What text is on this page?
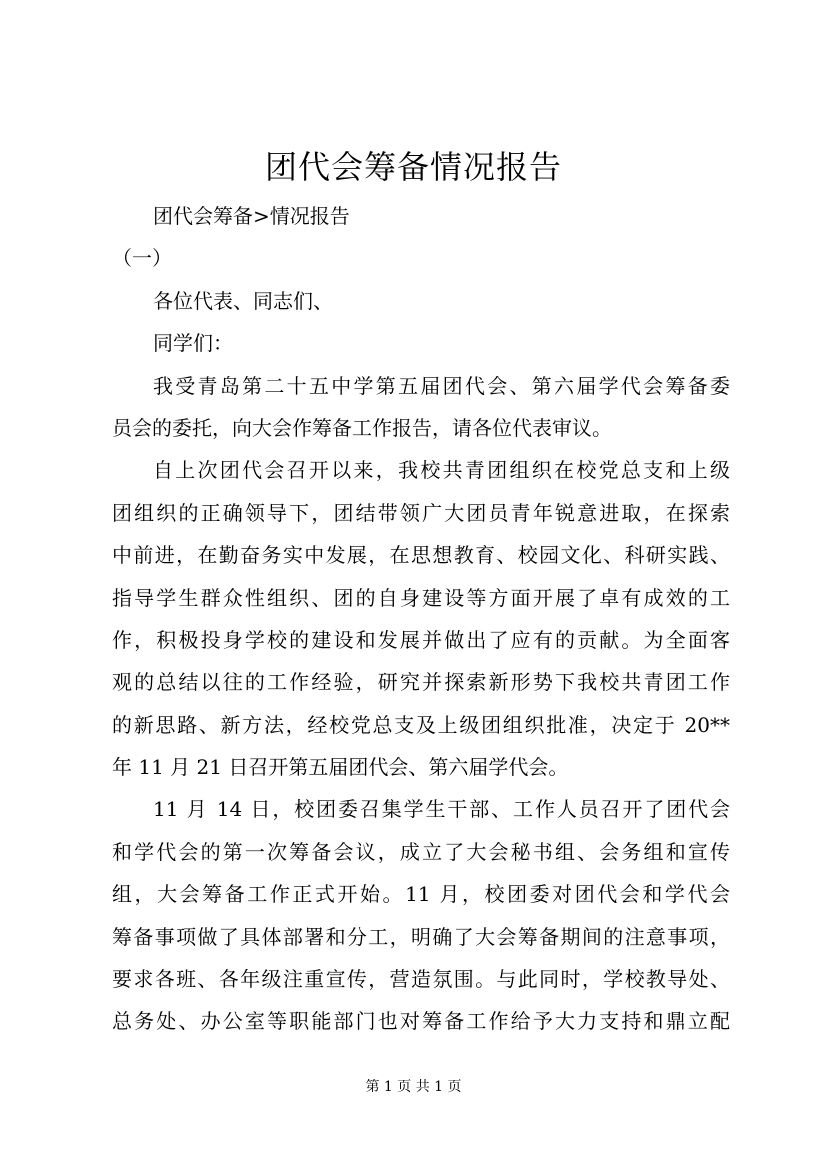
团代会筹备情况报告

团代会筹备>情况报告

（一）

各位代表、同志们、

同学们：

我受青岛第二十五中学第五届团代会、第六届学代会筹备委

员会的委托，向大会作筹备工作报告，请各位代表审议。

自上次团代会召开以来，我校共青团组织在校党总支和上级

团组织的正确领导下，团结带领广大团员青年锐意进取，在探索

中前进，在勤奋务实中发展，在思想教育、校园文化、科研实践、

指导学生群众性组织、团的自身建设等方面开展了卓有成效的工

作，积极投身学校的建设和发展并做出了应有的贡献。为全面客

观的总结以往的工作经验，研究并探索新形势下我校共青团工作

的新思路、新方法，经校党总支及上级团组织批准，决定于 20**

年 11 月 21 日召开第五届团代会、第六届学代会。

11 月 14 日，校团委召集学生干部、工作人员召开了团代会

和学代会的第一次筹备会议，成立了大会秘书组、会务组和宣传

组，大会筹备工作正式开始。11 月，校团委对团代会和学代会

筹备事项做了具体部署和分工，明确了大会筹备期间的注意事项，

要求各班、各年级注重宣传，营造氛围。与此同时，学校教导处、

总务处、办公室等职能部门也对筹备工作给予大力支持和鼎立配

第 1 页 共 1 页
